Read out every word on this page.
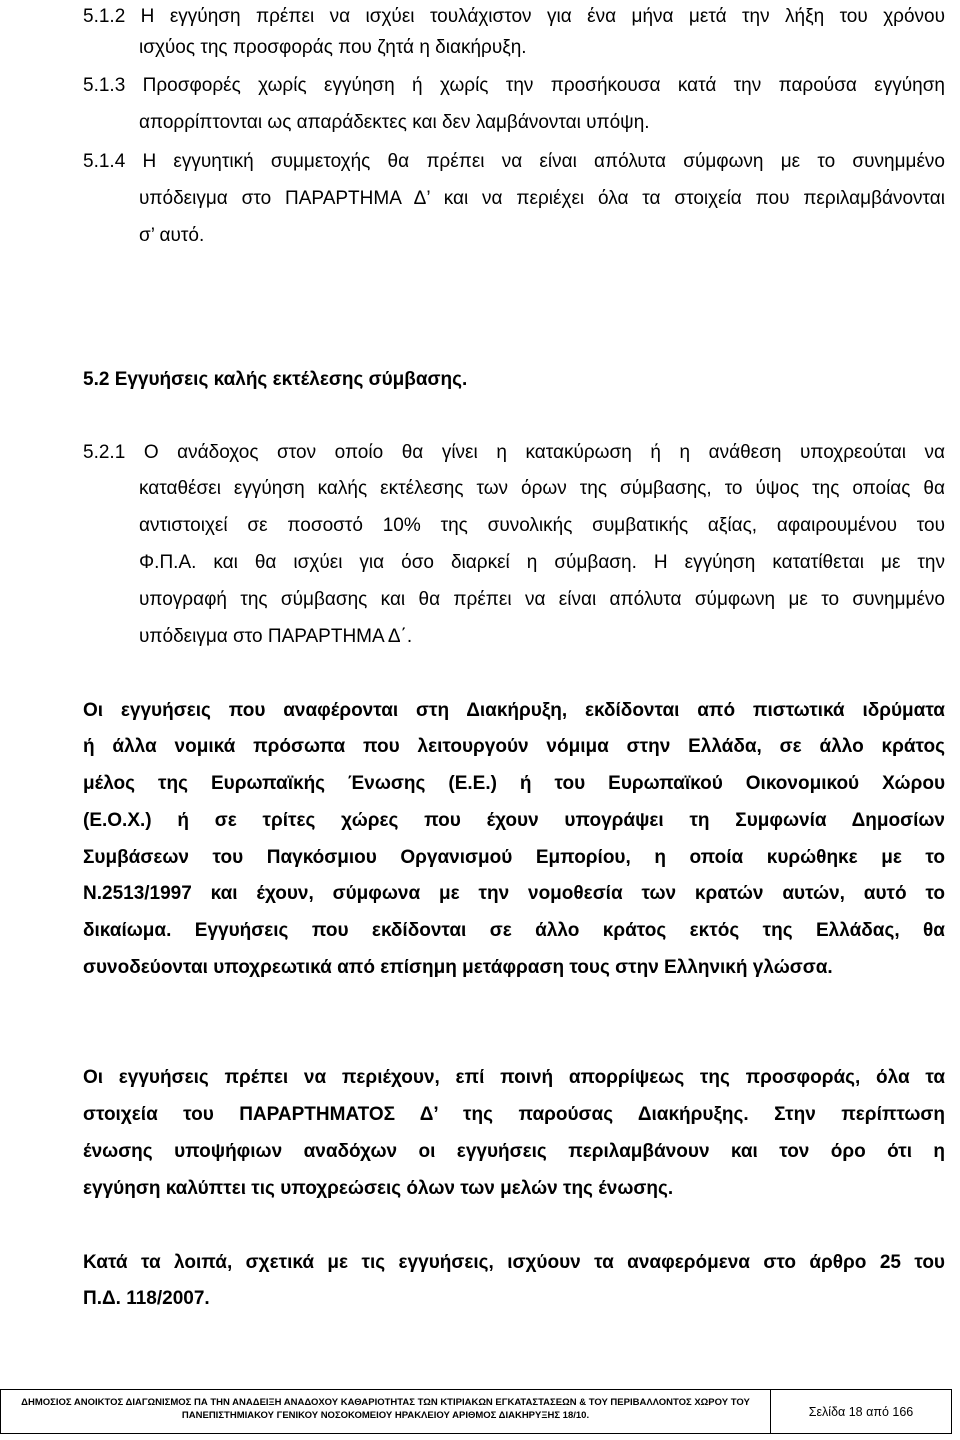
5.1.2 Η εγγύηση πρέπει να ισχύει τουλάχιστον για ένα μήνα μετά την λήξη του χρόνου
ισχύος της προσφοράς που ζητά η διακήρυξη.
5.1.3 Προσφορές χωρίς εγγύηση ή χωρίς την προσήκουσα κατά την παρούσα εγγύηση
απορρίπτονται ως απαράδεκτες και δεν λαμβάνονται υπόψη.
5.1.4 Η εγγυητική συμμετοχής θα πρέπει να είναι απόλυτα σύμφωνη με το συνημμένο
υπόδειγμα στο ΠΑΡΑΡΤΗΜΑ Δ’ και να περιέχει όλα τα στοιχεία που περιλαμβάνονται
σ’ αυτό.
5.2 Εγγυήσεις καλής εκτέλεσης σύμβασης.
5.2.1 Ο ανάδοχος στον οποίο θα γίνει η κατακύρωση ή η ανάθεση υποχρεούται να
καταθέσει εγγύηση καλής εκτέλεσης των όρων της σύμβασης, το ύψος της οποίας θα
αντιστοιχεί σε ποσοστό 10% της συνολικής συμβατικής αξίας, αφαιρουμένου του
Φ.Π.Α. και θα ισχύει για όσο διαρκεί η σύμβαση. Η εγγύηση κατατίθεται με την
υπογραφή της σύμβασης και θα πρέπει να είναι απόλυτα σύμφωνη με το συνημμένο
υπόδειγμα στο ΠΑΡΑΡΤΗΜΑ Δ΄.
Οι εγγυήσεις που αναφέρονται στη Διακήρυξη, εκδίδονται από πιστωτικά ιδρύματα
ή άλλα νομικά πρόσωπα που λειτουργούν νόμιμα στην Ελλάδα, σε άλλο κράτος
μέλος της Ευρωπαϊκής Ένωσης (Ε.Ε.) ή του Ευρωπαϊκού Οικονομικού Χώρου
(Ε.Ο.Χ.) ή σε τρίτες χώρες που έχουν υπογράψει τη Συμφωνία Δημοσίων
Συμβάσεων του Παγκόσμιου Οργανισμού Εμπορίου, η οποία κυρώθηκε με το
Ν.2513/1997 και έχουν, σύμφωνα με την νομοθεσία των κρατών αυτών, αυτό το
δικαίωμα. Εγγυήσεις που εκδίδονται σε άλλο κράτος εκτός της Ελλάδας, θα
συνοδεύονται υποχρεωτικά από επίσημη μετάφραση τους στην Ελληνική γλώσσα.
Οι εγγυήσεις πρέπει να περιέχουν, επί ποινή απορρίψεως της προσφοράς, όλα τα
στοιχεία του ΠΑΡΑΡΤΗΜΑΤΟΣ Δ’ της παρούσας Διακήρυξης. Στην περίπτωση
ένωσης υποψήφιων αναδόχων οι εγγυήσεις περιλαμβάνουν και τον όρο ότι η
εγγύηση καλύπτει τις υποχρεώσεις όλων των μελών της ένωσης.
Κατά τα λοιπά, σχετικά με τις εγγυήσεις, ισχύουν τα αναφερόμενα στο άρθρο 25 του
Π.Δ. 118/2007.
ΔΗΜΟΣΙΟΣ ΑΝΟΙΚΤΟΣ ΔΙΑΓΩΝΙΣΜΟΣ ΠΑ ΤΗΝ ΑΝΑΔΕΙΞΗ ΑΝΑΔΟΧΟΥ ΚΑΘΑΡΙΟΤΗΤΑΣ ΤΩΝ ΚΤΙΡΙΑΚΩΝ ΕΓΚΑΤΑΣΤΑΣΕΩΝ & ΤΟΥ ΠΕΡΙΒΑΛΛΟΝΤΟΣ ΧΩΡΟΥ ΤΟΥ
ΠΑΝΕΠΙΣΤΗΜΙΑΚΟΥ ΓΕΝΙΚΟΥ ΝΟΣΟΚΟΜΕΙΟΥ ΗΡΑΚΛΕΙΟΥ ΑΡΙΘΜΟΣ ΔΙΑΚΗΡΥΞΗΣ 18/10.	Σελίδα 18 από 166
